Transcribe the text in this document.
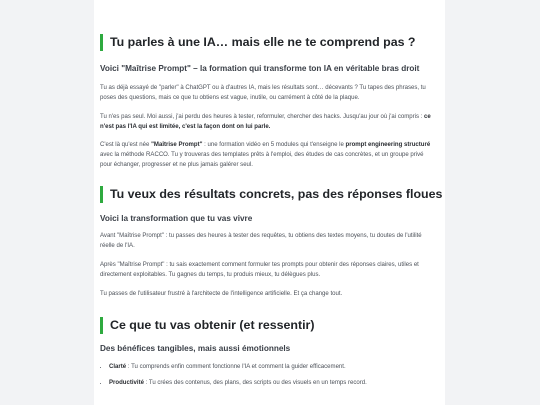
Tu parles à une IA… mais elle ne te comprend pas ?
Voici "Maîtrise Prompt" – la formation qui transforme ton IA en véritable bras droit

Tu as déjà essayé de "parler" à ChatGPT ou à d'autres IA, mais les résultats sont… décevants ? Tu tapes des phrases, tu poses des questions, mais ce que tu obtiens est vague, inutile, ou carrément à côté de la plaque.

Tu n'es pas seul. Moi aussi, j'ai perdu des heures à tester, reformuler, chercher des hacks. Jusqu'au jour où j'ai compris : ce n'est pas l'IA qui est limitée, c'est la façon dont on lui parle.

C'est là qu'est née "Maîtrise Prompt" : une formation vidéo en 5 modules qui t'enseigne le prompt engineering structuré avec la méthode RACCO. Tu y trouveras des templates prêts à l'emploi, des études de cas concrètes, et un groupe privé pour échanger, progresser et ne plus jamais galérer seul.

Tu veux des résultats concrets, pas des réponses floues
Voici la transformation que tu vas vivre

Avant "Maîtrise Prompt" : tu passes des heures à tester des requêtes, tu obtiens des textes moyens, tu doutes de l'utilité réelle de l'IA.

Après "Maîtrise Prompt" : tu sais exactement comment formuler tes prompts pour obtenir des réponses claires, utiles et directement exploitables. Tu gagnes du temps, tu produis mieux, tu délègues plus.

Tu passes de l'utilisateur frustré à l'architecte de l'intelligence artificielle. Et ça change tout.

Ce que tu vas obtenir (et ressentir)
Des bénéfices tangibles, mais aussi émotionnels
• Clarté : Tu comprends enfin comment fonctionne l'IA et comment la guider efficacement.
• Productivité : Tu crées des contenus, des plans, des scripts ou des visuels en un temps record.
